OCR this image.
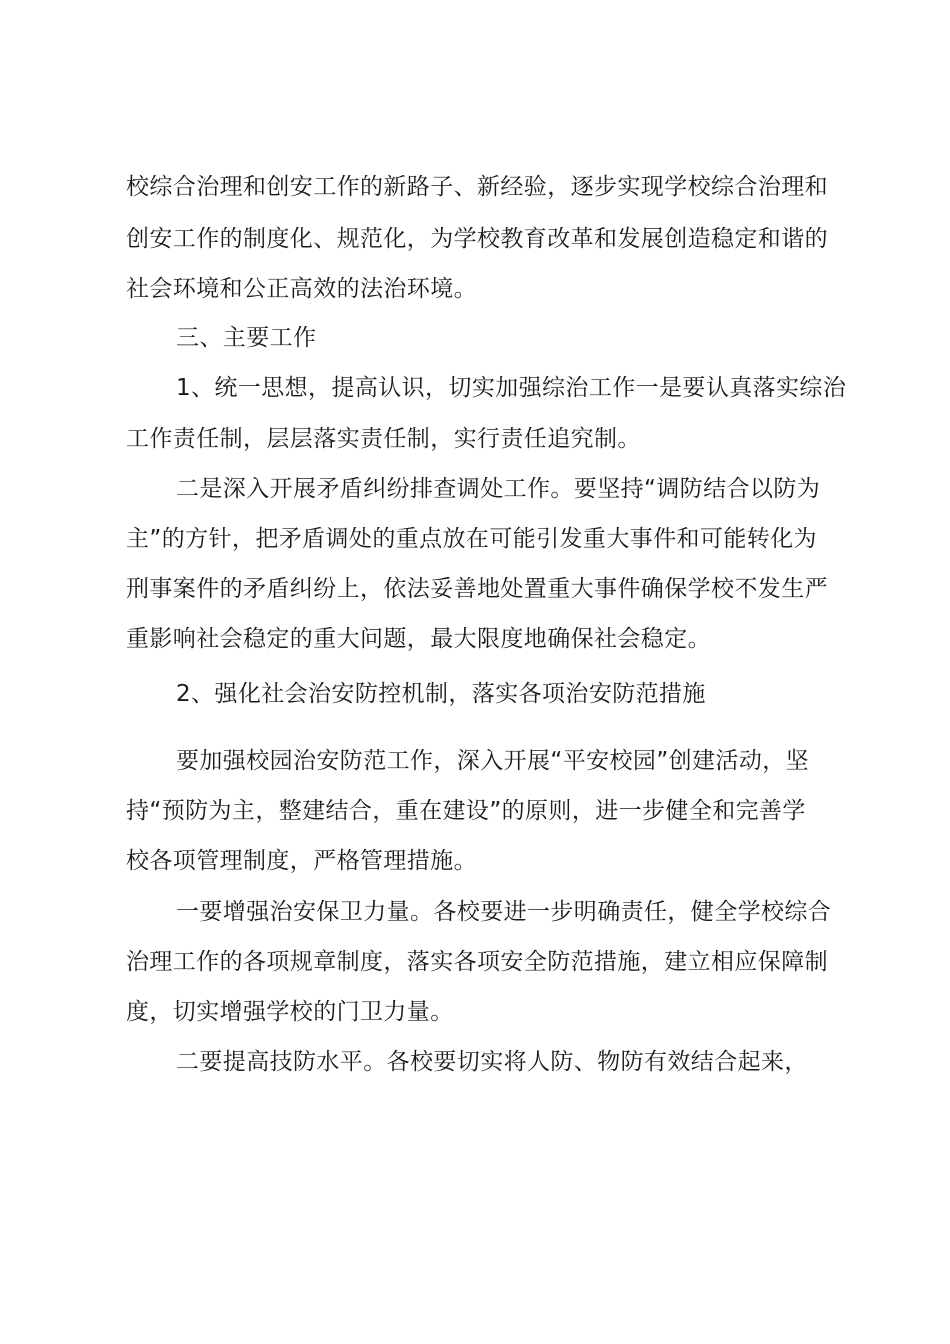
校综合治理和创安工作的新路子、新经验，逐步实现学校综合治理和
创安工作的制度化、规范化，为学校教育改革和发展创造稳定和谐的
社会环境和公正高效的法治环境。
三、主要工作
1、统一思想，提高认识，切实加强综治工作一是要认真落实综治
工作责任制，层层落实责任制，实行责任追究制。
二是深入开展矛盾纠纷排查调处工作。要坚持“调防结合以防为
主”的方针，把矛盾调处的重点放在可能引发重大事件和可能转化为
刑事案件的矛盾纠纷上，依法妥善地处置重大事件确保学校不发生严
重影响社会稳定的重大问题，最大限度地确保社会稳定。
2、强化社会治安防控机制，落实各项治安防范措施
要加强校园治安防范工作，深入开展“平安校园”创建活动，坚
持“预防为主，整建结合，重在建设”的原则，进一步健全和完善学
校各项管理制度，严格管理措施。
一要增强治安保卫力量。各校要进一步明确责任，健全学校综合
治理工作的各项规章制度，落实各项安全防范措施，建立相应保障制
度，切实增强学校的门卫力量。
二要提高技防水平。各校要切实将人防、物防有效结合起来，
